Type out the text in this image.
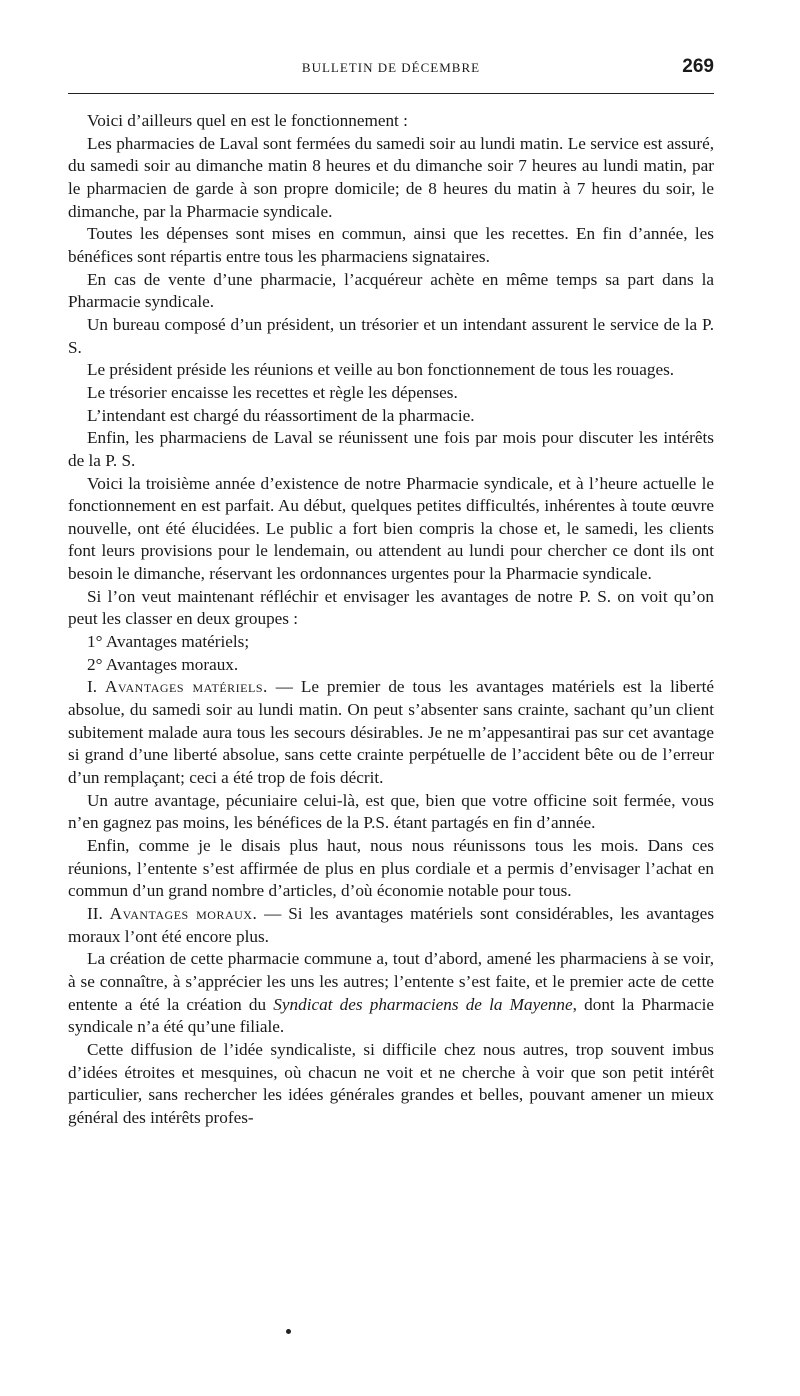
BULLETIN DE DÉCEMBRE	269

Voici d’ailleurs quel en est le fonctionnement :

Les pharmacies de Laval sont fermées du samedi soir au lundi matin. Le service est assuré, du samedi soir au dimanche matin 8 heures et du dimanche soir 7 heures au lundi matin, par le pharmacien de garde à son propre domicile; de 8 heures du matin à 7 heures du soir, le dimanche, par la Pharmacie syndicale.

Toutes les dépenses sont mises en commun, ainsi que les recettes. En fin d’année, les bénéfices sont répartis entre tous les pharmaciens signataires.

En cas de vente d’une pharmacie, l’acquéreur achète en même temps sa part dans la Pharmacie syndicale.

Un bureau composé d’un président, un trésorier et un intendant assurent le service de la P. S.

Le président préside les réunions et veille au bon fonctionnement de tous les rouages.

Le trésorier encaisse les recettes et règle les dépenses.

L’intendant est chargé du réassortiment de la pharmacie.

Enfin, les pharmaciens de Laval se réunissent une fois par mois pour discuter les intérêts de la P. S.

Voici la troisième année d’existence de notre Pharmacie syndicale, et à l’heure actuelle le fonctionnement en est parfait. Au début, quelques petites difficultés, inhérentes à toute œuvre nouvelle, ont été élucidées. Le public a fort bien compris la chose et, le samedi, les clients font leurs provisions pour le lendemain, ou attendent au lundi pour chercher ce dont ils ont besoin le dimanche, réservant les ordonnances urgentes pour la Pharmacie syndicale.

Si l’on veut maintenant réfléchir et envisager les avantages de notre P. S. on voit qu’on peut les classer en deux groupes :

1° Avantages matériels;

2° Avantages moraux.

I. Avantages matériels. — Le premier de tous les avantages matériels est la liberté absolue, du samedi soir au lundi matin. On peut s’absenter sans crainte, sachant qu’un client subitement malade aura tous les secours désirables. Je ne m’appesantirai pas sur cet avantage si grand d’une liberté absolue, sans cette crainte perpétuelle de l’accident bête ou de l’erreur d’un remplaçant; ceci a été trop de fois décrit.

Un autre avantage, pécuniaire celui-là, est que, bien que votre officine soit fermée, vous n’en gagnez pas moins, les bénéfices de la P.S. étant partagés en fin d’année.

Enfin, comme je le disais plus haut, nous nous réunissons tous les mois. Dans ces réunions, l’entente s’est affirmée de plus en plus cordiale et a permis d’envisager l’achat en commun d’un grand nombre d’articles, d’où économie notable pour tous.

II. Avantages moraux. — Si les avantages matériels sont considérables, les avantages moraux l’ont été encore plus.

La création de cette pharmacie commune a, tout d’abord, amené les pharmaciens à se voir, à se connaître, à s’apprécier les uns les autres; l’entente s’est faite, et le premier acte de cette entente a été la création du Syndicat des pharmaciens de la Mayenne, dont la Pharmacie syndicale n’a été qu’une filiale.

Cette diffusion de l’idée syndicaliste, si difficile chez nous autres, trop souvent imbus d’idées étroites et mesquines, où chacun ne voit et ne cherche à voir que son petit intérêt particulier, sans rechercher les idées générales grandes et belles, pouvant amener un mieux général des intérêts profes-
